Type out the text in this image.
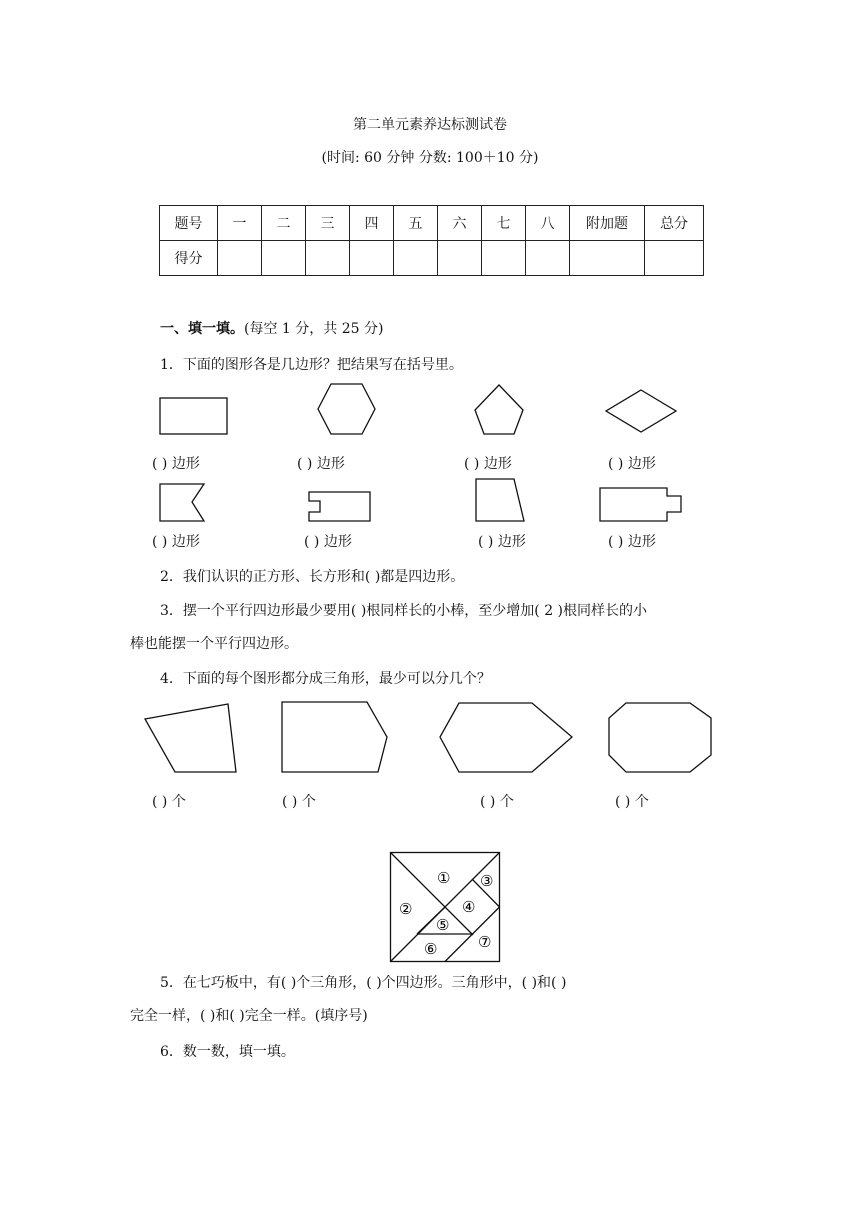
第二单元素养达标测试卷
(时间: 60 分钟 分数: 100＋10 分)
题号	一	二	三	四	五	六	七	八	附加题	总分
得分										
一、填一填。(每空 1 分，共 25 分)
1．下面的图形各是几边形？把结果写在括号里。
( ) 边形	( ) 边形	( ) 边形	( ) 边形
( ) 边形	( ) 边形	( ) 边形	( ) 边形
2．我们认识的正方形、长方形和( )都是四边形。
3．摆一个平行四边形最少要用( )根同样长的小棒，至少增加( 2 )根同样长的小
棒也能摆一个平行四边形。
4．下面的每个图形都分成三角形，最少可以分几个？
( ) 个	( ) 个	( ) 个	( ) 个
①
②
③
④
⑤
⑥	⑦
5．在七巧板中，有( )个三角形，( )个四边形。三角形中，( )和( )
完全一样，( )和( )完全一样。(填序号)
6．数一数，填一填。
